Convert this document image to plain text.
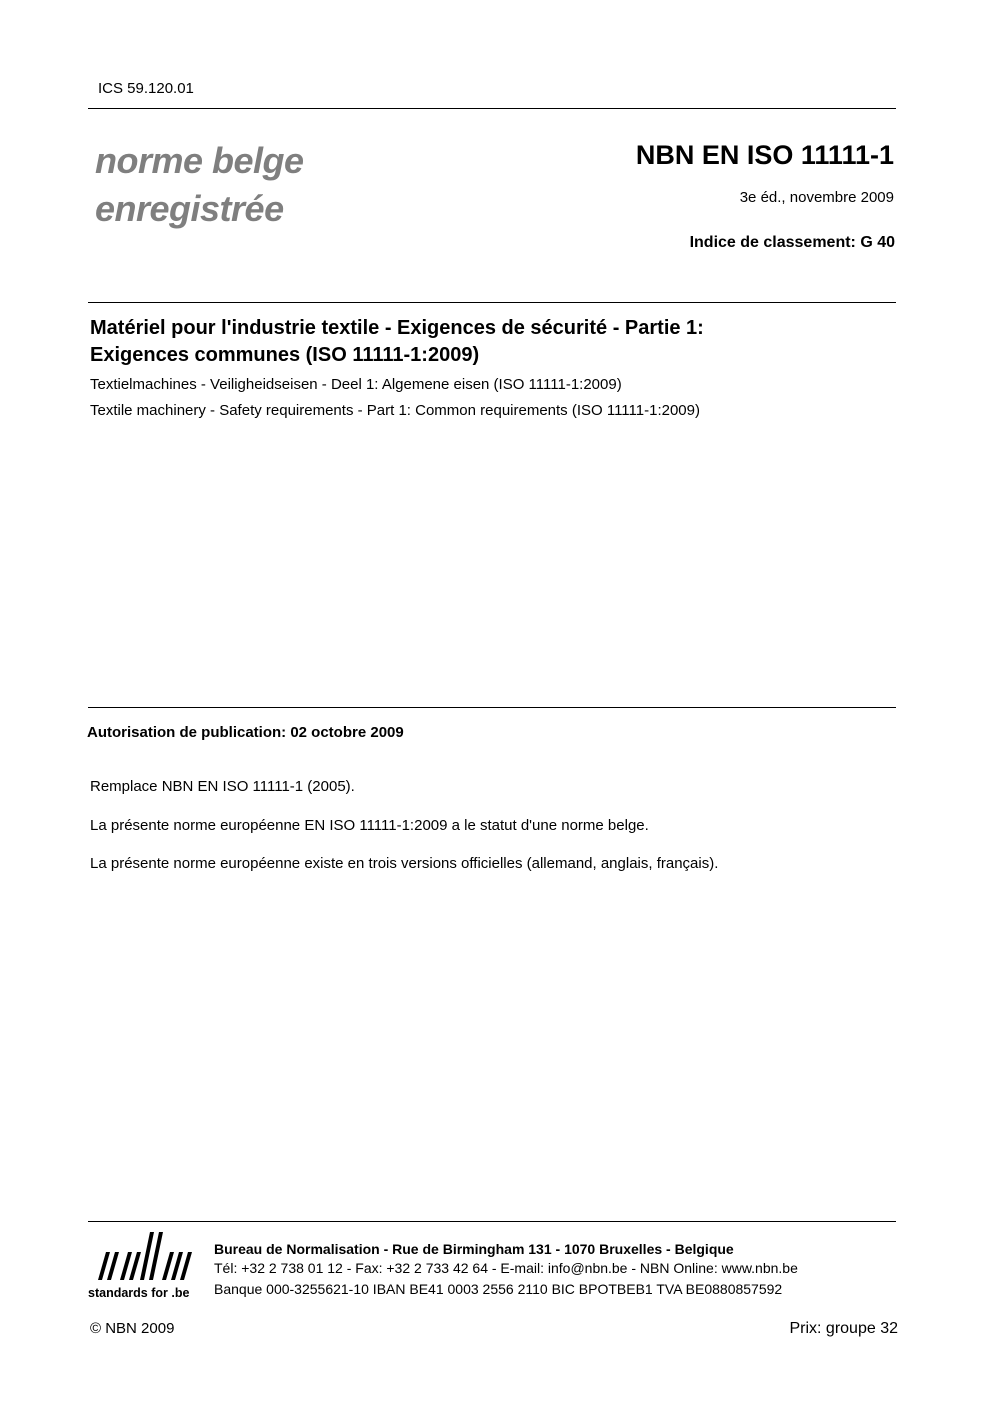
ICS 59.120.01
norme belge
enregistrée
NBN EN ISO 11111-1
3e éd., novembre 2009
Indice de classement: G 40
Matériel pour l'industrie textile - Exigences de sécurité - Partie 1:
Exigences communes (ISO 11111-1:2009)
Textielmachines - Veiligheidseisen - Deel 1: Algemene eisen (ISO 11111-1:2009)
Textile machinery - Safety requirements - Part 1: Common requirements (ISO 11111-1:2009)
Autorisation de publication: 02 octobre 2009
Remplace NBN EN ISO 11111-1 (2005).
La présente norme européenne EN ISO 11111-1:2009 a le statut d'une norme belge.
La présente norme européenne existe en trois versions officielles (allemand, anglais, français).
standards for .be
Bureau de Normalisation - Rue de Birmingham 131 - 1070 Bruxelles - Belgique
Tél: +32 2 738 01 12 - Fax: +32 2 733 42 64 - E-mail: info@nbn.be - NBN Online: www.nbn.be
Banque 000-3255621-10 IBAN BE41 0003 2556 2110 BIC BPOTBEB1 TVA BE0880857592
© NBN 2009	Prix: groupe 32
